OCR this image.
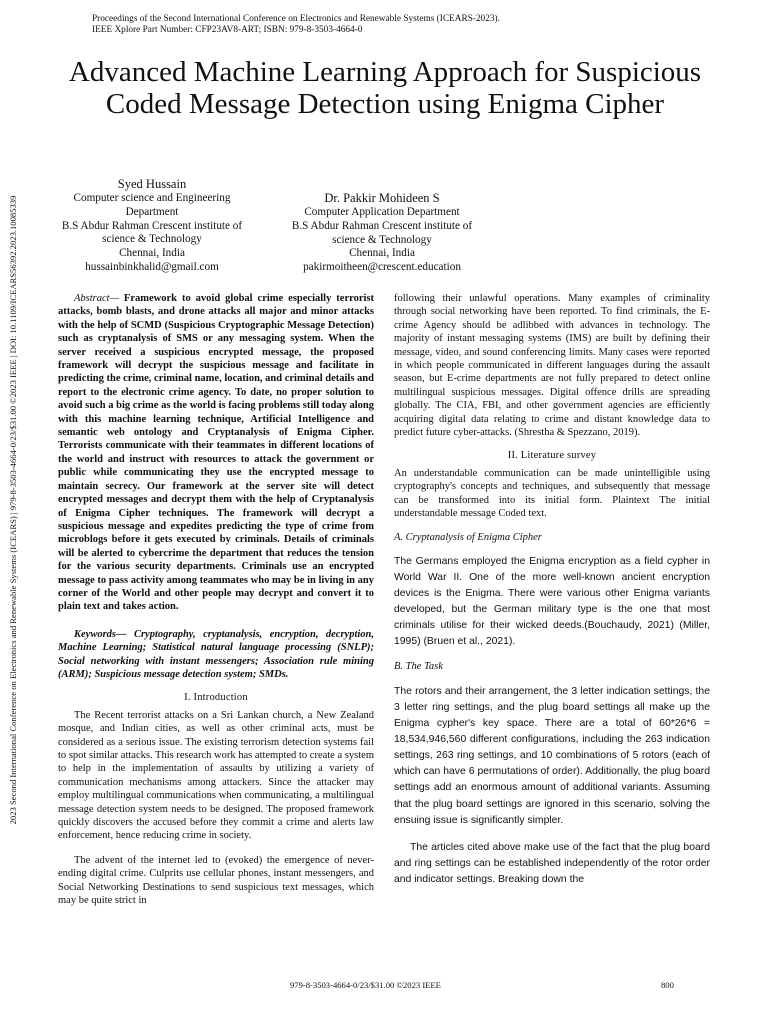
Proceedings of the Second International Conference on Electronics and Renewable Systems (ICEARS-2023).
IEEE Xplore Part Number: CFP23AV8-ART; ISBN: 979-8-3503-4664-0
2023 Second International Conference on Electronics and Renewable Systems (ICEARS) | 979-8-3503-4664-0/23/$31.00 ©2023 IEEE | DOI: 10.1109/ICEARS56392.2023.10085339
Advanced Machine Learning Approach for Suspicious Coded Message Detection using Enigma Cipher
Syed Hussain
Computer science and Engineering Department
B.S Abdur Rahman Crescent institute of science & Technology
Chennai, India
hussainbinkhalid@gmail.com
Dr. Pakkir Mohideen S
Computer Application Department
B.S Abdur Rahman Crescent institute of science & Technology
Chennai, India
pakirmoitheen@crescent.education

Abstract— Framework to avoid global crime especially terrorist attacks, bomb blasts, and drone attacks all major and minor attacks with the help of SCMD (Suspicious Cryptographic Message Detection) such as cryptanalysis of SMS or any messaging system. When the server received a suspicious encrypted message, the proposed framework will decrypt the suspicious message and facilitate in predicting the crime, criminal name, location, and criminal details and report to the electronic crime agency. To date, no proper solution to avoid such a big crime as the world is facing problems still today along with this machine learning technique, Artificial Intelligence and semantic web ontology and Cryptanalysis of Enigma Cipher. Terrorists communicate with their teammates in different locations of the world and instruct with resources to attack the government or public while communicating they use the encrypted message to maintain secrecy. Our framework at the server site will detect encrypted messages and decrypt them with the help of Cryptanalysis of Enigma Cipher techniques. The framework will decrypt a suspicious message and expedites predicting the type of crime from microblogs before it gets executed by criminals. Details of criminals will be alerted to cybercrime the department that reduces the tension for the various security departments. Criminals use an encrypted message to pass activity among teammates who may be in living in any corner of the World and other people may decrypt and convert it to plain text and takes action.

Keywords— Cryptography, cryptanalysis, encryption, decryption, Machine Learning; Statistical natural language processing (SNLP); Social networking with instant messengers; Association rule mining (ARM); Suspicious message detection system; SMDs.

I. Introduction

The Recent terrorist attacks on a Sri Lankan church, a New Zealand mosque, and Indian cities, as well as other criminal acts, must be considered as a serious issue. The existing terrorism detection systems fail to spot similar attacks. This research work has attempted to create a system to help in the implementation of assaults by utilizing a variety of communication mechanisms among attackers. Since the attacker may employ multilingual communications when communicating, a multilingual message detection system needs to be designed. The proposed framework quickly discovers the accused before they commit a crime and alerts law enforcement, hence reducing crime in society.

The advent of the internet led to (evoked) the emergence of never-ending digital crime. Culprits use cellular phones, instant messengers, and Social Networking Destinations to send suspicious text messages, which may be quite strict in

following their unlawful operations. Many examples of criminality through social networking have been reported. To find criminals, the E-crime Agency should be adlibbed with advances in technology. The majority of instant messaging systems (IMS) are built by defining their message, video, and sound conferencing limits. Many cases were reported in which people communicated in different languages during the assault season, but E-crime departments are not fully prepared to detect online multilingual suspicious messages. Digital offence drills are spreading globally. The CIA, FBI, and other government agencies are efficiently acquiring digital data relating to crime and distant knowledge data to predict future cyber-attacks. (Shrestha & Spezzano, 2019).

II. Literature survey

An understandable communication can be made unintelligible using cryptography's concepts and techniques, and subsequently that message can be transformed into its initial form. Plaintext The initial understandable message Coded text.

A. Cryptanalysis of Enigma Cipher

The Germans employed the Enigma encryption as a field cypher in World War II. One of the more well-known ancient encryption devices is the Enigma. There were various other Enigma variants developed, but the German military type is the one that most criminals utilise for their wicked deeds.(Bouchaudy, 2021) (Miller, 1995) (Bruen et al., 2021).

B. The Task

The rotors and their arrangement, the 3 letter indication settings, the 3 letter ring settings, and the plug board settings all make up the Enigma cypher's key space. There are a total of 60*26*6 = 18,534,946,560 different configurations, including the 263 indication settings, 263 ring settings, and 10 combinations of 5 rotors (each of which can have 6 permutations of order). Additionally, the plug board settings add an enormous amount of additional variants. Assuming that the plug board settings are ignored in this scenario, solving the ensuing issue is significantly simpler.

The articles cited above make use of the fact that the plug board and ring settings can be established independently of the rotor order and indicator settings. Breaking down the

979-8-3503-4664-0/23/$31.00 ©2023 IEEE	800
